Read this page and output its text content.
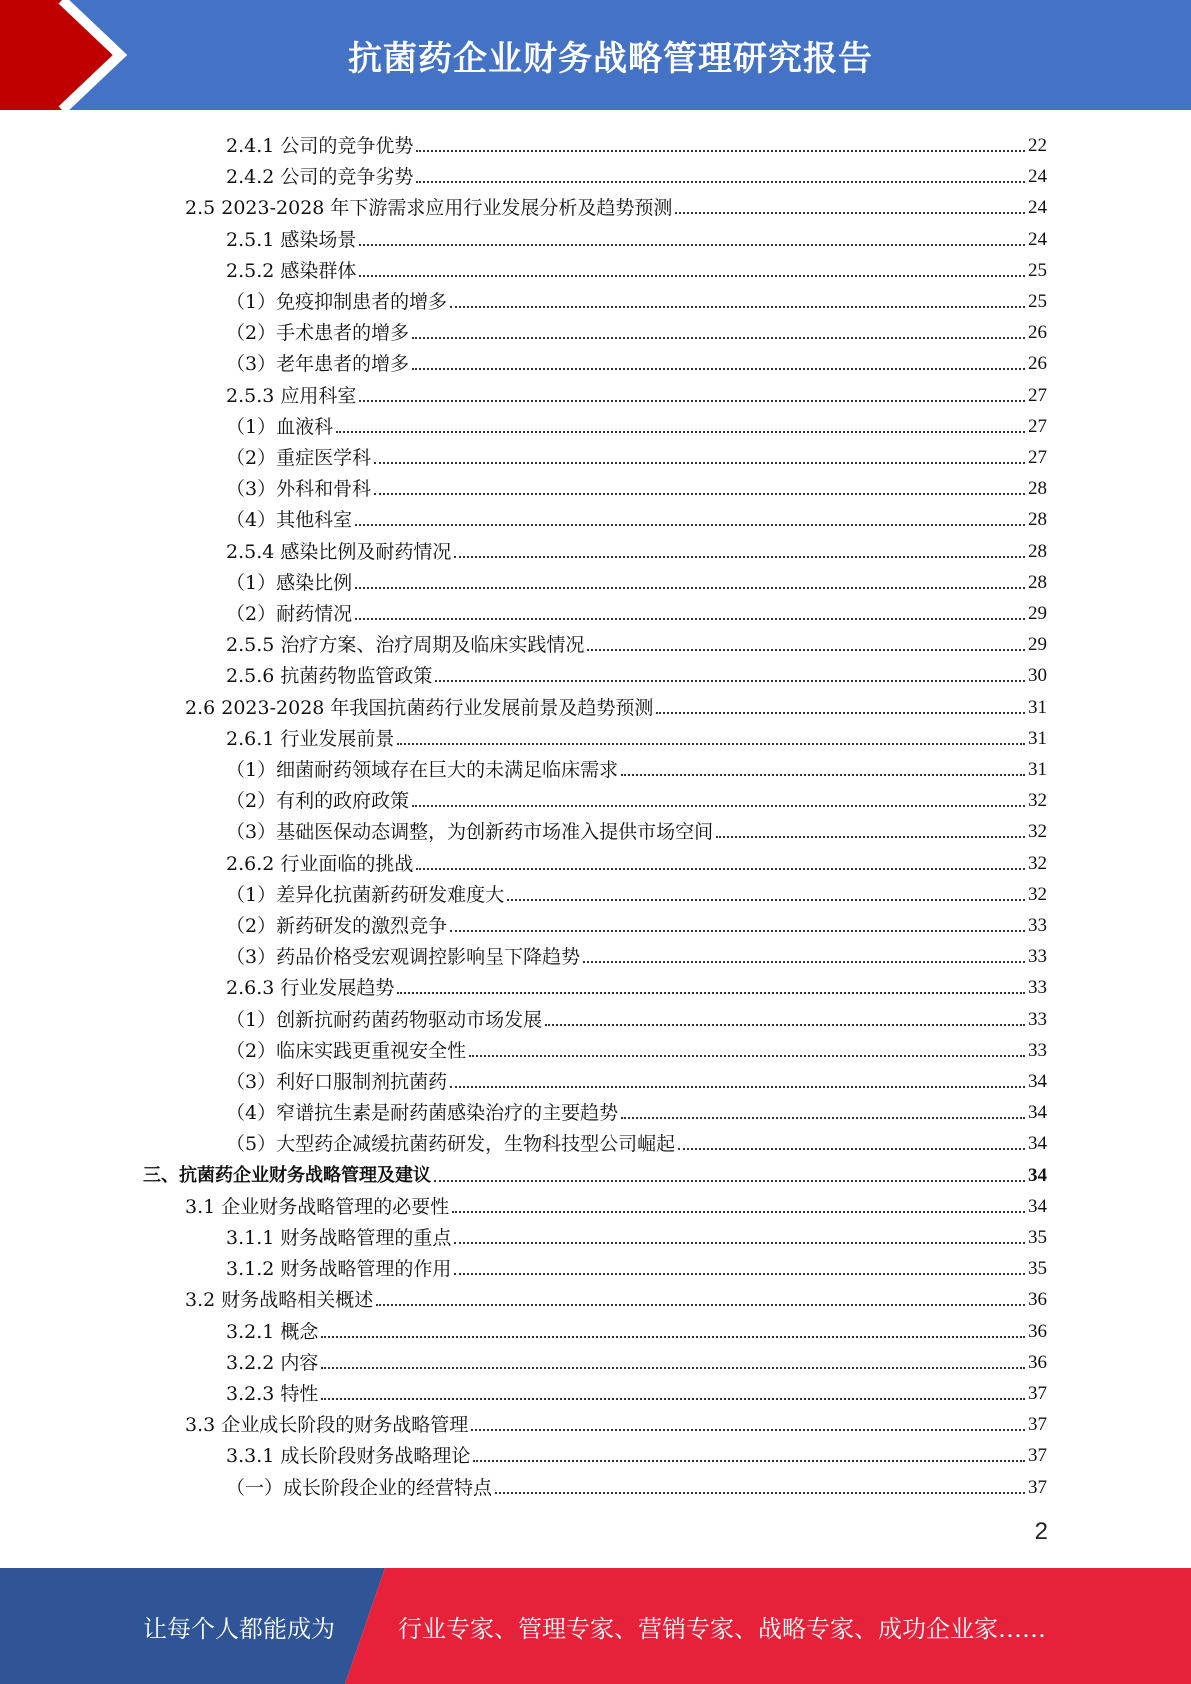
抗菌药企业财务战略管理研究报告
2.4.1 公司的竞争优势	22
2.4.2 公司的竞争劣势	24
2.5 2023-2028 年下游需求应用行业发展分析及趋势预测	24
2.5.1 感染场景	24
2.5.2 感染群体	25
（1）免疫抑制患者的增多	25
（2）手术患者的增多	26
（3）老年患者的增多	26
2.5.3 应用科室	27
（1）血液科	27
（2）重症医学科	27
（3）外科和骨科	28
（4）其他科室	28
2.5.4 感染比例及耐药情况	28
（1）感染比例	28
（2）耐药情况	29
2.5.5 治疗方案、治疗周期及临床实践情况	29
2.5.6 抗菌药物监管政策	30
2.6 2023-2028 年我国抗菌药行业发展前景及趋势预测	31
2.6.1 行业发展前景	31
（1）细菌耐药领域存在巨大的未满足临床需求	31
（2）有利的政府政策	32
（3）基础医保动态调整，为创新药市场准入提供市场空间	32
2.6.2 行业面临的挑战	32
（1）差异化抗菌新药研发难度大	32
（2）新药研发的激烈竞争	33
（3）药品价格受宏观调控影响呈下降趋势	33
2.6.3 行业发展趋势	33
（1）创新抗耐药菌药物驱动市场发展	33
（2）临床实践更重视安全性	33
（3）利好口服制剂抗菌药	34
（4）窄谱抗生素是耐药菌感染治疗的主要趋势	34
（5）大型药企减缓抗菌药研发，生物科技型公司崛起	34
三、抗菌药企业财务战略管理及建议	34
3.1 企业财务战略管理的必要性	34
3.1.1 财务战略管理的重点	35
3.1.2 财务战略管理的作用	35
3.2 财务战略相关概述	36
3.2.1 概念	36
3.2.2 内容	36
3.2.3 特性	37
3.3 企业成长阶段的财务战略管理	37
3.3.1 成长阶段财务战略理论	37
（一）成长阶段企业的经营特点	37
2
让每个人都能成为	行业专家、管理专家、营销专家、战略专家、成功企业家……
